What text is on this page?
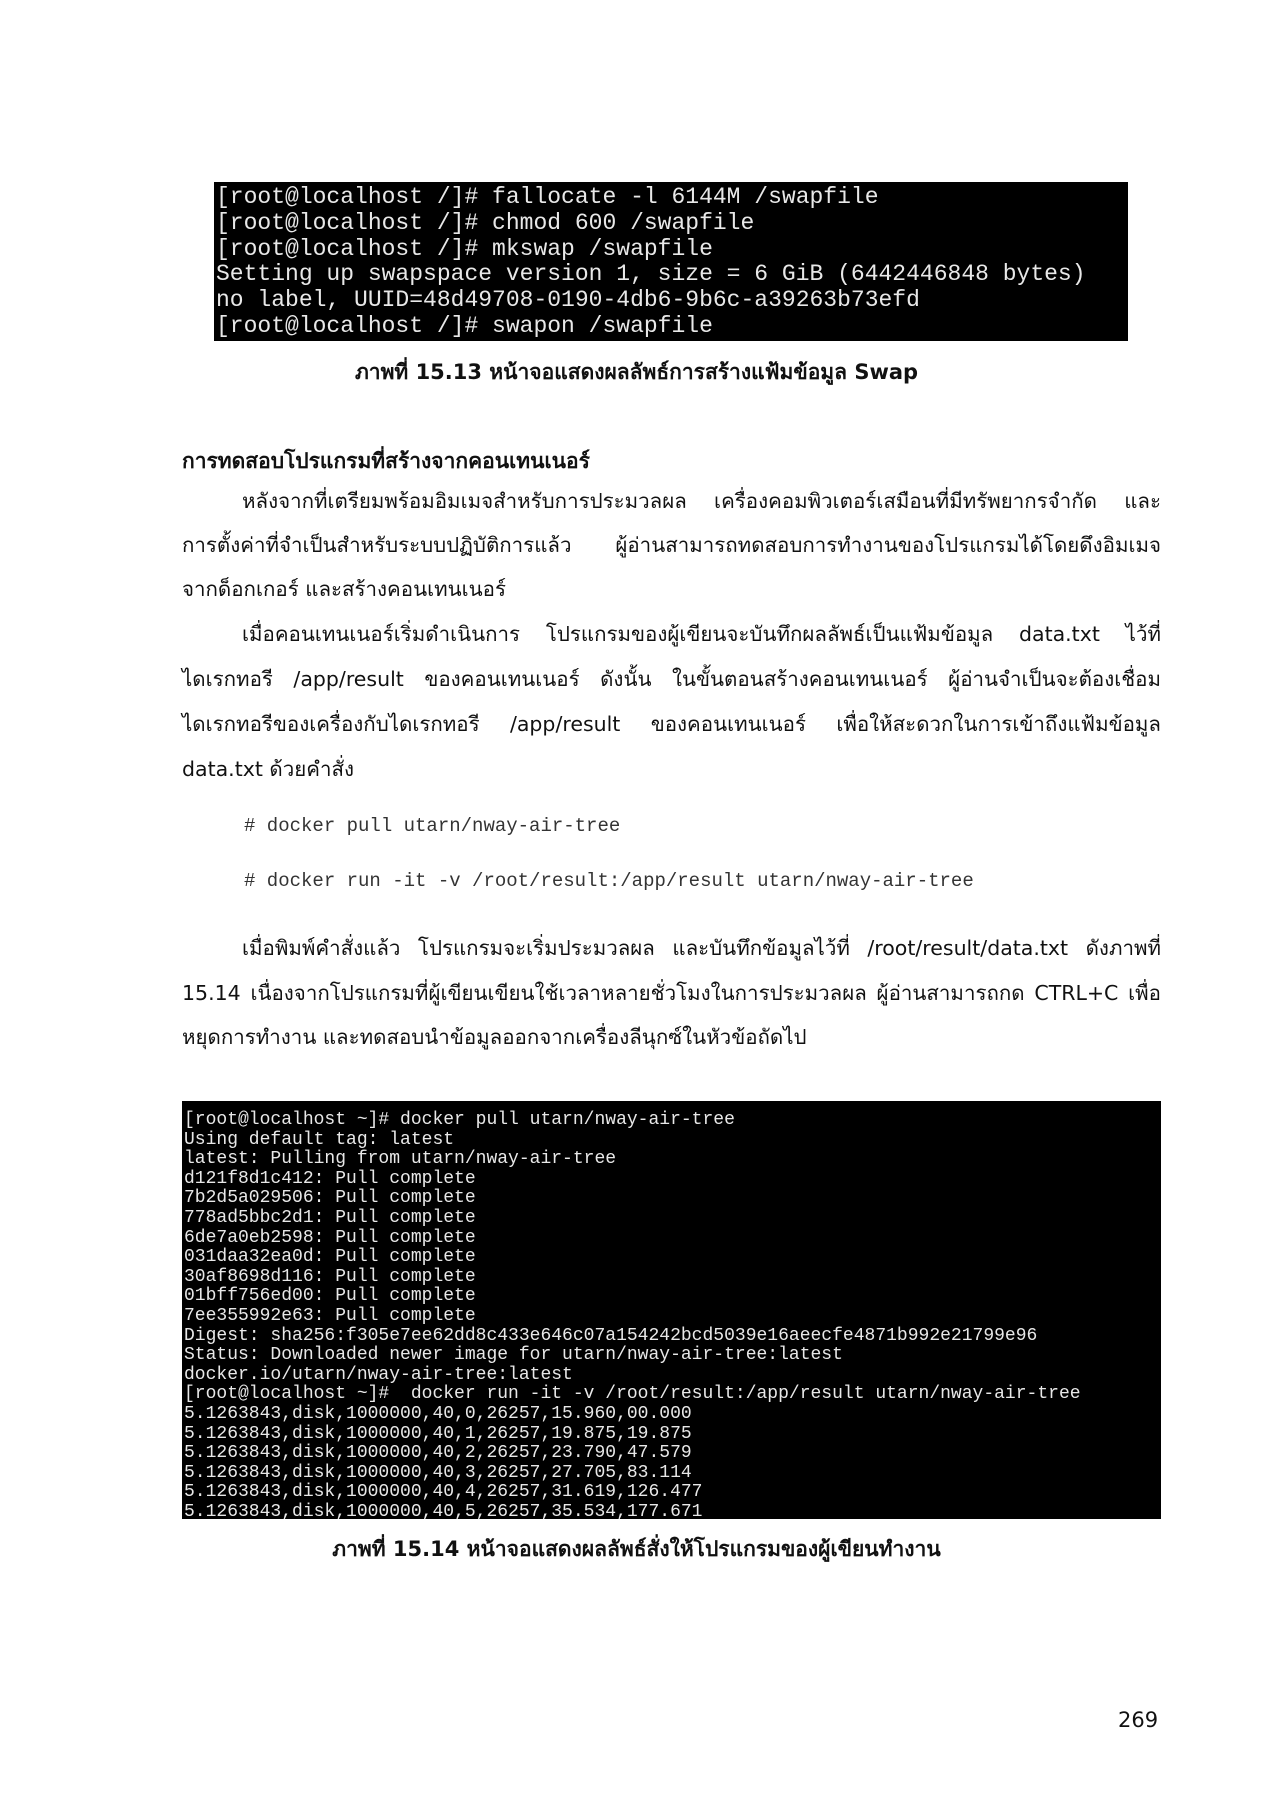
[root@localhost /]# fallocate -l 6144M /swapfile
[root@localhost /]# chmod 600 /swapfile
[root@localhost /]# mkswap /swapfile
Setting up swapspace version 1, size = 6 GiB (6442446848 bytes)
no label, UUID=48d49708-0190-4db6-9b6c-a39263b73efd
[root@localhost /]# swapon /swapfile
ภาพที่ 15.13 หน้าจอแสดงผลลัพธ์การสร้างแฟ้มข้อมูล Swap
การทดสอบโปรแกรมที่สร้างจากคอนเทนเนอร์
หลังจากที่เตรียมพร้อมอิมเมจสำหรับการประมวลผล เครื่องคอมพิวเตอร์เสมือนที่มีทรัพยากรจำกัด และ
การตั้งค่าที่จำเป็นสำหรับระบบปฏิบัติการแล้ว ผู้อ่านสามารถทดสอบการทำงานของโปรแกรมได้โดยดึงอิมเมจ
จากด็อกเกอร์ และสร้างคอนเทนเนอร์
เมื่อคอนเทนเนอร์เริ่มดำเนินการ โปรแกรมของผู้เขียนจะบันทึกผลลัพธ์เป็นแฟ้มข้อมูล data.txt ไว้ที่
ไดเรกทอรี /app/result ของคอนเทนเนอร์ ดังนั้น ในขั้นตอนสร้างคอนเทนเนอร์ ผู้อ่านจำเป็นจะต้องเชื่อม
ไดเรกทอรีของเครื่องกับไดเรกทอรี /app/result ของคอนเทนเนอร์ เพื่อให้สะดวกในการเข้าถึงแฟ้มข้อมูล
data.txt ด้วยคำสั่ง
# docker pull utarn/nway-air-tree
# docker run -it -v /root/result:/app/result utarn/nway-air-tree
เมื่อพิมพ์คำสั่งแล้ว โปรแกรมจะเริ่มประมวลผล และบันทึกข้อมูลไว้ที่ /root/result/data.txt ดังภาพที่
15.14 เนื่องจากโปรแกรมที่ผู้เขียนเขียนใช้เวลาหลายชั่วโมงในการประมวลผล ผู้อ่านสามารถกด CTRL+C เพื่อ
หยุดการทำงาน และทดสอบนำข้อมูลออกจากเครื่องลีนุกซ์ในหัวข้อถัดไป
[root@localhost ~]# docker pull utarn/nway-air-tree
Using default tag: latest
latest: Pulling from utarn/nway-air-tree
d121f8d1c412: Pull complete
7b2d5a029506: Pull complete
778ad5bbc2d1: Pull complete
6de7a0eb2598: Pull complete
031daa32ea0d: Pull complete
30af8698d116: Pull complete
01bff756ed00: Pull complete
7ee355992e63: Pull complete
Digest: sha256:f305e7ee62dd8c433e646c07a154242bcd5039e16aeecfe4871b992e21799e96
Status: Downloaded newer image for utarn/nway-air-tree:latest
docker.io/utarn/nway-air-tree:latest
[root@localhost ~]#  docker run -it -v /root/result:/app/result utarn/nway-air-tree
5.1263843,disk,1000000,40,0,26257,15.960,00.000
5.1263843,disk,1000000,40,1,26257,19.875,19.875
5.1263843,disk,1000000,40,2,26257,23.790,47.579
5.1263843,disk,1000000,40,3,26257,27.705,83.114
5.1263843,disk,1000000,40,4,26257,31.619,126.477
5.1263843,disk,1000000,40,5,26257,35.534,177.671
ภาพที่ 15.14 หน้าจอแสดงผลลัพธ์สั่งให้โปรแกรมของผู้เขียนทำงาน
269
